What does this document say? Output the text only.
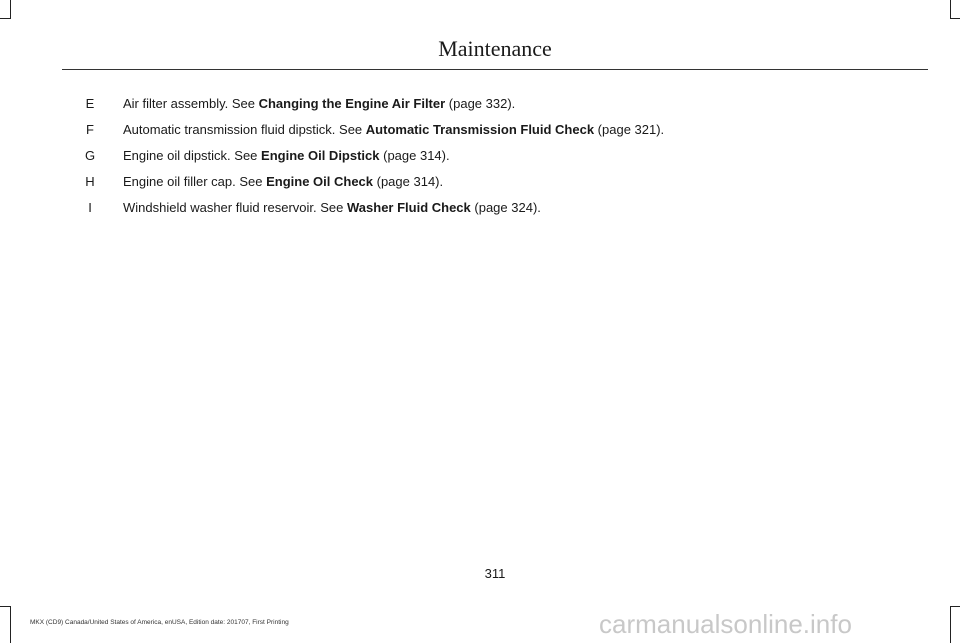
Maintenance
E Air filter assembly. See Changing the Engine Air Filter (page 332).
F	Automatic transmission fluid dipstick. See Automatic Transmission Fluid Check (page 321).
G Engine oil dipstick. See Engine Oil Dipstick (page 314).
H Engine oil filler cap. See Engine Oil Check (page 314).
I	Windshield washer fluid reservoir. See Washer Fluid Check (page 324).
311
MKX (CD9) Canada/United States of America, enUSA, Edition date: 201707, First Printing	carmanualsonline.info
